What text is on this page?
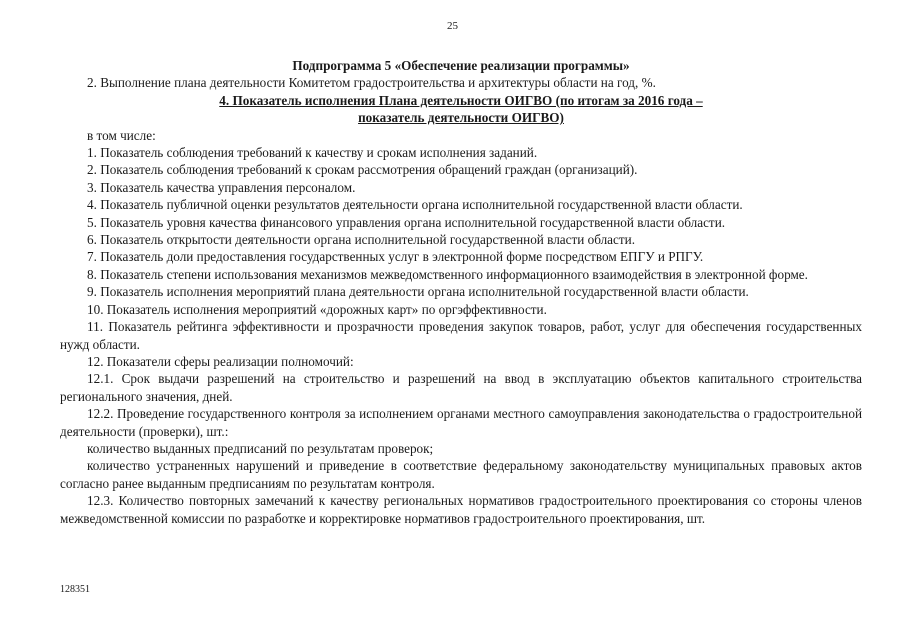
25

Подпрограмма 5 «Обеспечение реализации программы»

2. Выполнение плана деятельности Комитетом градостроительства и архитектуры области на год, %.

4. Показатель исполнения Плана деятельности ОИГВО (по итогам за 2016 года –

показатель деятельности ОИГВО)

в том числе:

1. Показатель соблюдения требований к качеству и срокам исполнения заданий.

2. Показатель соблюдения требований к срокам рассмотрения обращений граждан (организаций).

3. Показатель качества управления персоналом.

4. Показатель публичной оценки результатов деятельности органа исполнительной государственной власти области.

5. Показатель уровня качества финансового управления органа исполнительной государственной власти области.

6. Показатель открытости деятельности органа исполнительной государственной власти области.

7. Показатель доли предоставления государственных услуг в электронной форме посредством ЕПГУ и РПГУ.

8. Показатель степени использования механизмов межведомственного информационного взаимодействия в электронной форме.

9. Показатель исполнения мероприятий плана деятельности органа исполнительной государственной власти области.

10. Показатель исполнения мероприятий «дорожных карт» по оргэффективности.

11. Показатель рейтинга эффективности и прозрачности проведения закупок товаров, работ, услуг для обеспечения государственных нужд области.

12. Показатели сферы реализации полномочий:

12.1. Срок выдачи разрешений на строительство и разрешений на ввод в эксплуатацию объектов капитального строительства регионального значения, дней.

12.2. Проведение государственного контроля за исполнением органами местного самоуправления законодательства о градостроительной деятельности (проверки), шт.:

количество выданных предписаний по результатам проверок;

количество устраненных нарушений и приведение в соответствие федеральному законодательству муниципальных правовых актов согласно ранее выданным предписаниям по результатам контроля.

12.3. Количество повторных замечаний к качеству региональных нормативов градостроительного проектирования со стороны членов межведомственной комиссии по разработке и корректировке нормативов градостроительного проектирования, шт.

128351
